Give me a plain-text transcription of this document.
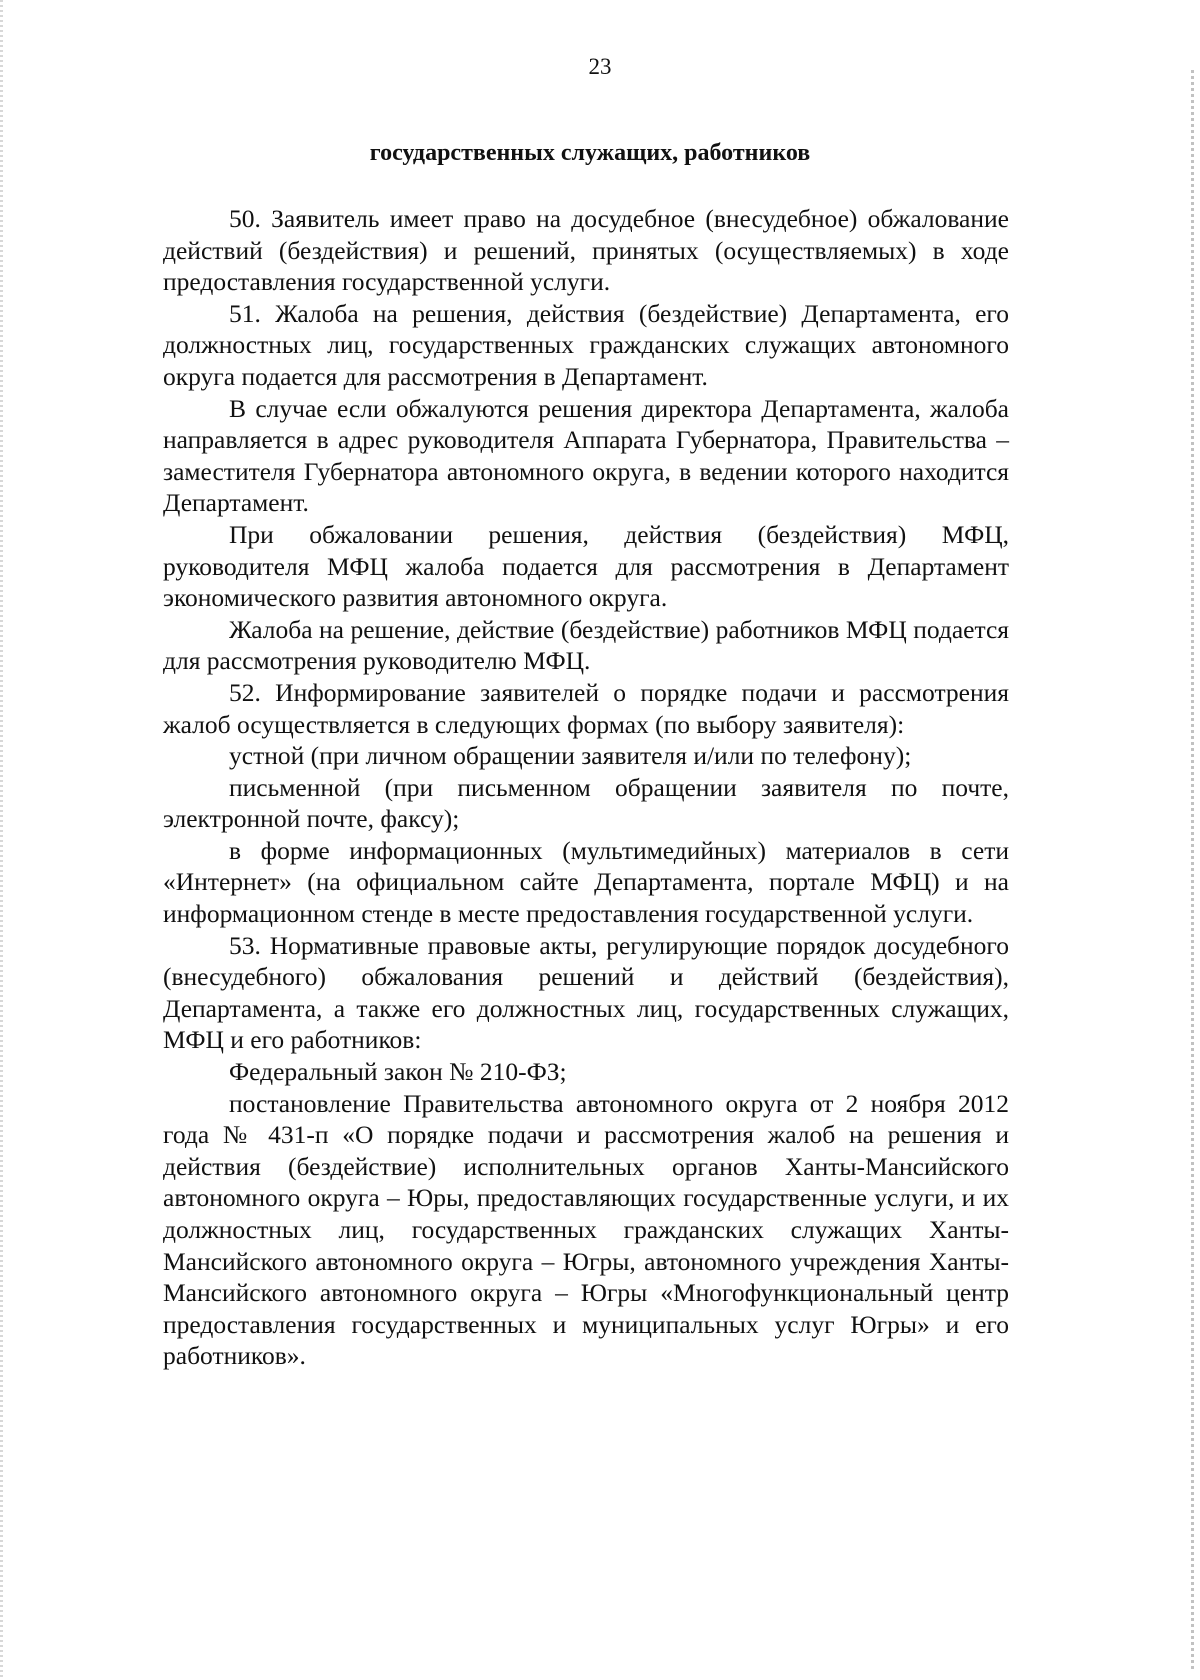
23
государственных служащих, работников

50. Заявитель имеет право на досудебное (внесудебное) обжалование действий (бездействия) и решений, принятых (осуществляемых) в ходе предоставления государственной услуги.

51. Жалоба на решения, действия (бездействие) Департамента, его должностных лиц, государственных гражданских служащих автономного округа подается для рассмотрения в Департамент.

В случае если обжалуются решения директора Департамента, жалоба направляется в адрес руководителя Аппарата Губернатора, Правительства – заместителя Губернатора автономного округа, в ведении которого находится Департамент.

При обжаловании решения, действия (бездействия) МФЦ, руководителя МФЦ жалоба подается для рассмотрения в Департамент экономического развития автономного округа.

Жалоба на решение, действие (бездействие) работников МФЦ подается для рассмотрения руководителю МФЦ.

52. Информирование заявителей о порядке подачи и рассмотрения жалоб осуществляется в следующих формах (по выбору заявителя):

устной (при личном обращении заявителя и/или по телефону);

письменной (при письменном обращении заявителя по почте, электронной почте, факсу);

в форме информационных (мультимедийных) материалов в сети «Интернет» (на официальном сайте Департамента, портале МФЦ) и на информационном стенде в месте предоставления государственной услуги.

53. Нормативные правовые акты, регулирующие порядок досудебного (внесудебного) обжалования решений и действий (бездействия), Департамента, а также его должностных лиц, государственных служащих, МФЦ и его работников:

Федеральный закон № 210-ФЗ;

постановление Правительства автономного округа от 2 ноября 2012 года № 431-п «О порядке подачи и рассмотрения жалоб на решения и действия (бездействие) исполнительных органов Ханты-Мансийского автономного округа – Юры, предоставляющих государственные услуги, и их должностных лиц, государственных гражданских служащих Ханты-Мансийского автономного округа – Югры, автономного учреждения Ханты-Мансийского автономного округа – Югры «Многофункциональный центр предоставления государственных и муниципальных услуг Югры» и его работников».
